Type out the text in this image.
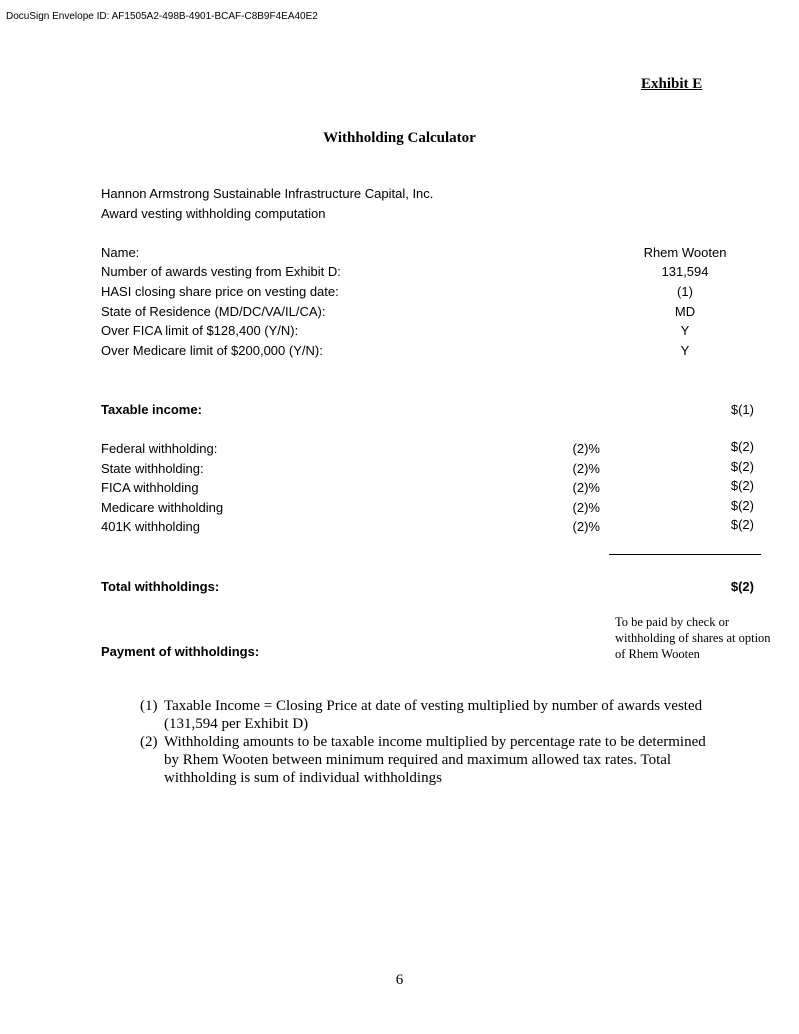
DocuSign Envelope ID: AF1505A2-498B-4901-BCAF-C8B9F4EA40E2
Exhibit E
Withholding Calculator
Hannon Armstrong Sustainable Infrastructure Capital, Inc.
Award vesting withholding computation
Name:	Rhem Wooten
Number of awards vesting from Exhibit D:	131,594
HASI closing share price on vesting date:	(1)
State of Residence (MD/DC/VA/IL/CA):	MD
Over FICA limit of $128,400 (Y/N):	Y
Over Medicare limit of $200,000 (Y/N):	Y
Taxable income:	$(1)
Federal withholding:	(2)%	$(2)
State withholding:	(2)%	$(2)
FICA withholding	(2)%	$(2)
Medicare withholding	(2)%	$(2)
401K withholding	(2)%	$(2)
Total withholdings:	$(2)
Payment of withholdings:
To be paid by check or withholding of shares at option of Rhem Wooten
(1) Taxable Income = Closing Price at date of vesting multiplied by number of awards vested (131,594 per Exhibit D)
(2) Withholding amounts to be taxable income multiplied by percentage rate to be determined by Rhem Wooten between minimum required and maximum allowed tax rates. Total withholding is sum of individual withholdings
6
